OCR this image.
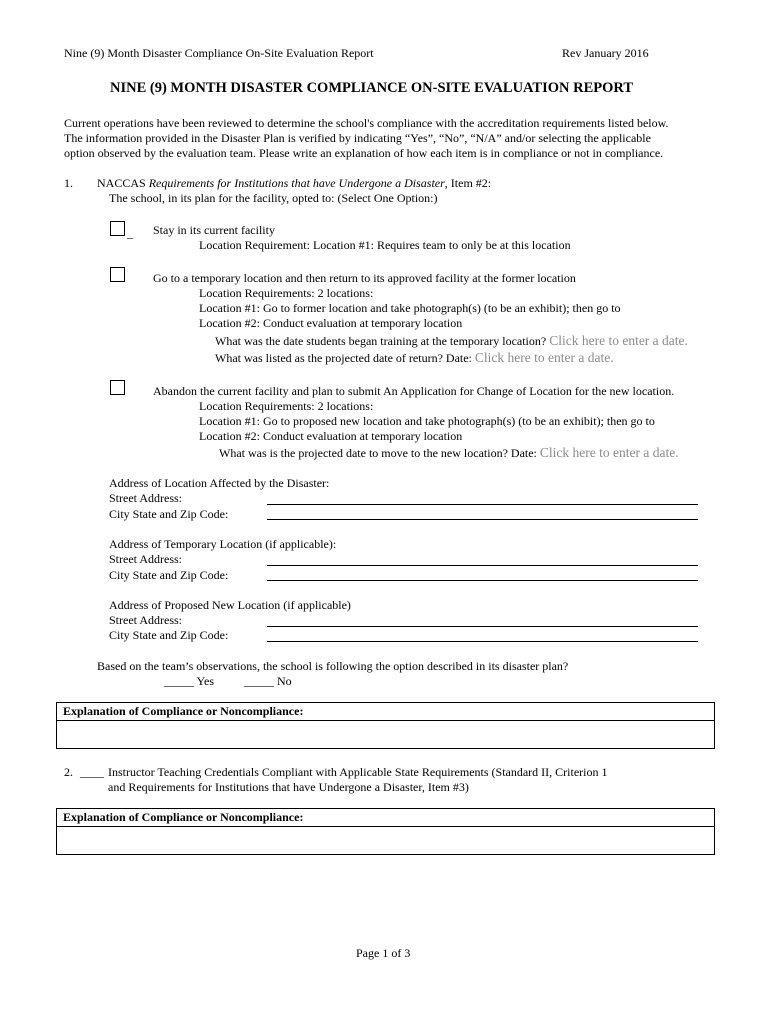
Nine (9) Month Disaster Compliance On-Site Evaluation Report	Rev January 2016
NINE (9) MONTH DISASTER COMPLIANCE ON-SITE EVALUATION REPORT
Current operations have been reviewed to determine the school's compliance with the accreditation requirements listed below.
The information provided in the Disaster Plan is verified by indicating “Yes”, “No”, “N/A” and/or selecting the applicable
option observed by the evaluation team. Please write an explanation of how each item is in compliance or not in compliance.
1. NACCAS Requirements for Institutions that have Undergone a Disaster, Item #2:
The school, in its plan for the facility, opted to: (Select One Option:)
_ Stay in its current facility
Location Requirement: Location #1: Requires team to only be at this location
Go to a temporary location and then return to its approved facility at the former location
Location Requirements: 2 locations:
Location #1: Go to former location and take photograph(s) (to be an exhibit); then go to
Location #2: Conduct evaluation at temporary location
What was the date students began training at the temporary location? Click here to enter a date.
What was listed as the projected date of return? Date: Click here to enter a date.
Abandon the current facility and plan to submit An Application for Change of Location for the new location.
Location Requirements: 2 locations:
Location #1: Go to proposed new location and take photograph(s) (to be an exhibit); then go to
Location #2: Conduct evaluation at temporary location
What was is the projected date to move to the new location? Date: Click here to enter a date.
Address of Location Affected by the Disaster:
Street Address:
City State and Zip Code:
Address of Temporary Location (if applicable):
Street Address:
City State and Zip Code:
Address of Proposed New Location (if applicable)
Street Address:
City State and Zip Code:
Based on the team’s observations, the school is following the option described in its disaster plan?
_____ Yes _____ No
Explanation of Compliance or Noncompliance:
2. ____ Instructor Teaching Credentials Compliant with Applicable State Requirements (Standard II, Criterion 1
and Requirements for Institutions that have Undergone a Disaster, Item #3)
Explanation of Compliance or Noncompliance:
Page 1 of 3
